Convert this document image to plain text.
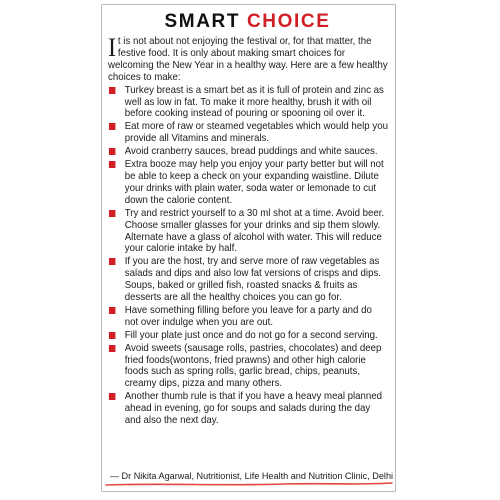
SMART CHOICE

It is not about not enjoying the festival or, for that matter, the festive food. It is only about making smart choices for welcoming the New Year in a healthy way. Here are a few healthy choices to make:

Turkey breast is a smart bet as it is full of protein and zinc as well as low in fat. To make it more healthy, brush it with oil before cooking instead of pouring or spooning oil over it.
Eat more of raw or steamed vegetables which would help you provide all Vitamins and minerals.
Avoid cranberry sauces, bread puddings and white sauces.
Extra booze may help you enjoy your party better but will not be able to keep a check on your expanding waistline. Dilute your drinks with plain water, soda water or lemonade to cut down the calorie content.
Try and restrict yourself to a 30 ml shot at a time. Avoid beer. Choose smaller glasses for your drinks and sip them slowly. Alternate have a glass of alcohol with water. This will reduce your calorie intake by half.
If you are the host, try and serve more of raw vegetables as salads and dips and also low fat versions of crisps and dips. Soups, baked or grilled fish, roasted snacks & fruits as desserts are all the healthy choices you can go for.
Have something filling before you leave for a party and do not over indulge when you are out.
Fill your plate just once and do not go for a second serving.
Avoid sweets (sausage rolls, pastries, chocolates) and deep fried foods(wontons, fried prawns) and other high calorie foods such as spring rolls, garlic bread, chips, peanuts, creamy dips, pizza and many others.
Another thumb rule is that if you have a heavy meal planned ahead in evening, go for soups and salads during the day and also the next day.
— Dr Nikita Agarwal, Nutritionist, Life Health and Nutrition Clinic, Delhi
